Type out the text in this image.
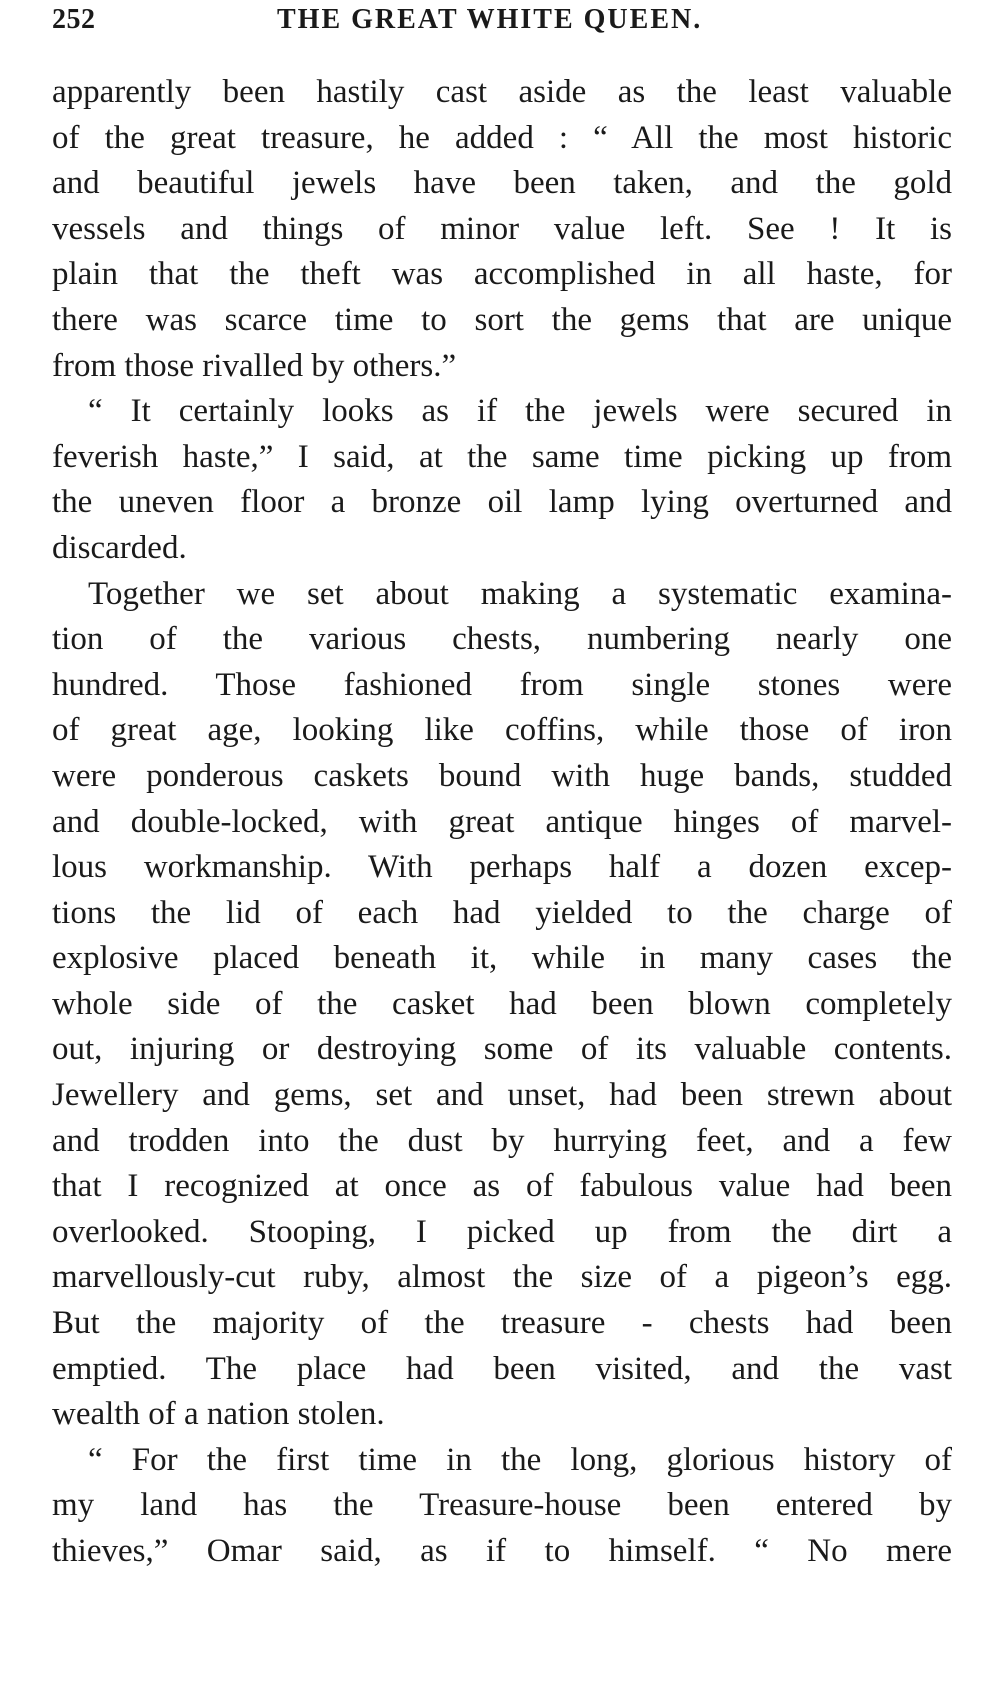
252	THE GREAT WHITE QUEEN.
apparently been hastily cast aside as the least valuable
of the great treasure, he added : “ All the most historic
and beautiful jewels have been taken, and the gold
vessels and things of minor value left. See ! It is
plain that the theft was accomplished in all haste, for
there was scarce time to sort the gems that are unique
from those rivalled by others.”
“ It certainly looks as if the jewels were secured in
feverish haste,” I said, at the same time picking up from
the uneven floor a bronze oil lamp lying overturned and
discarded.
Together we set about making a systematic examina-
tion of the various chests, numbering nearly one
hundred. Those fashioned from single stones were
of great age, looking like coffins, while those of iron
were ponderous caskets bound with huge bands, studded
and double-locked, with great antique hinges of marvel-
lous workmanship. With perhaps half a dozen excep-
tions the lid of each had yielded to the charge of
explosive placed beneath it, while in many cases the
whole side of the casket had been blown completely
out, injuring or destroying some of its valuable contents.
Jewellery and gems, set and unset, had been strewn about
and trodden into the dust by hurrying feet, and a few
that I recognized at once as of fabulous value had been
overlooked. Stooping, I picked up from the dirt a
marvellously-cut ruby, almost the size of a pigeon’s egg.
But the majority of the treasure - chests had been
emptied. The place had been visited, and the vast
wealth of a nation stolen.
“ For the first time in the long, glorious history of
my land has the Treasure-house been entered by
thieves,” Omar said, as if to himself. “ No mere
